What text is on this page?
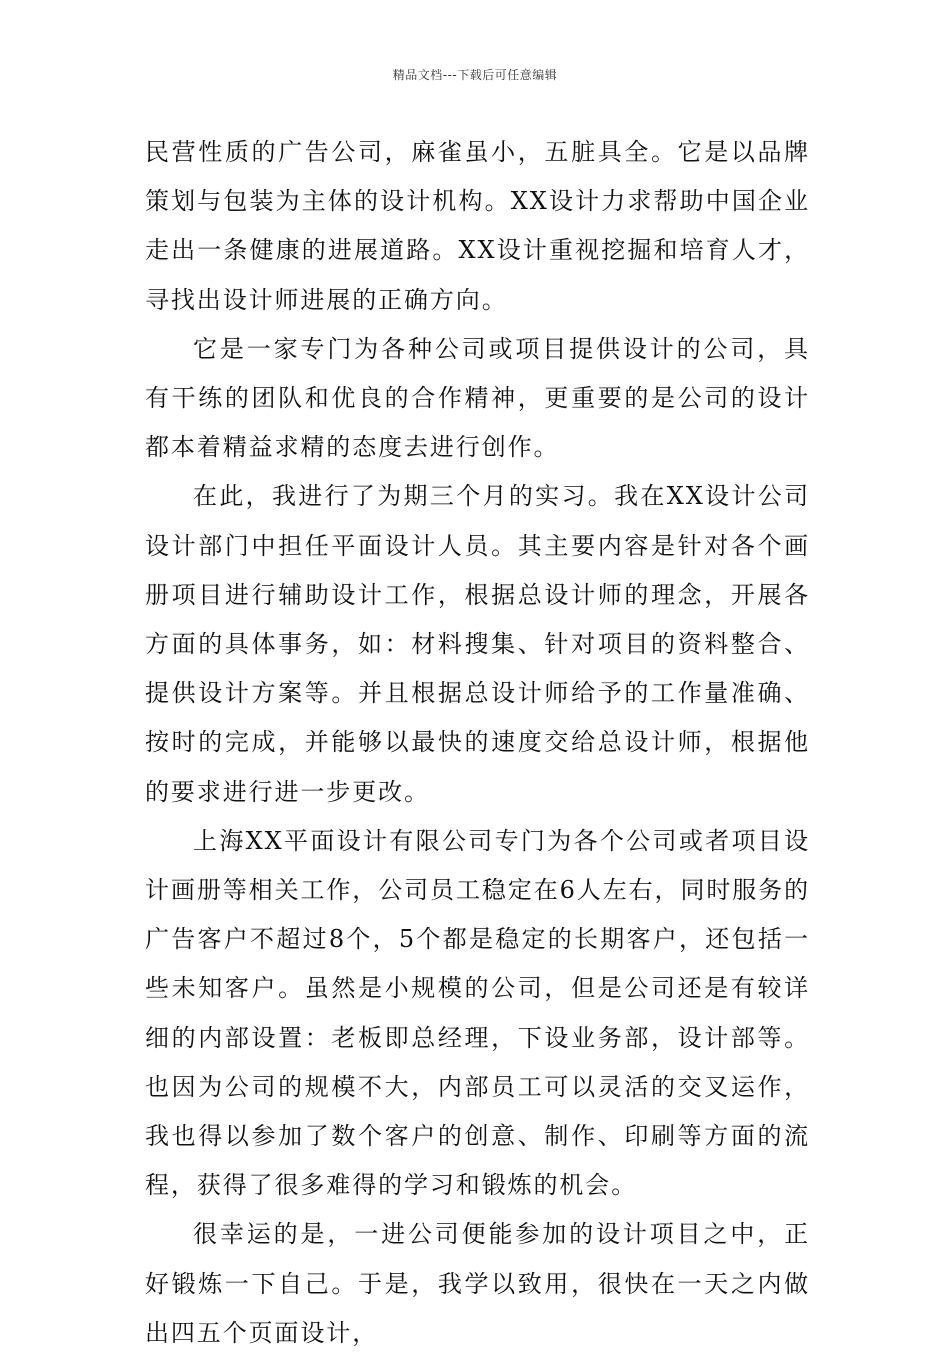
精品文档---下载后可任意编辑

民营性质的广告公司，麻雀虽小，五脏具全。它是以品牌策划与包装为主体的设计机构。XX设计力求帮助中国企业走出一条健康的进展道路。XX设计重视挖掘和培育人才，寻找出设计师进展的正确方向。

它是一家专门为各种公司或项目提供设计的公司，具有干练的团队和优良的合作精神，更重要的是公司的设计都本着精益求精的态度去进行创作。

在此，我进行了为期三个月的实习。我在XX设计公司设计部门中担任平面设计人员。其主要内容是针对各个画册项目进行辅助设计工作，根据总设计师的理念，开展各方面的具体事务，如：材料搜集、针对项目的资料整合、提供设计方案等。并且根据总设计师给予的工作量准确、按时的完成，并能够以最快的速度交给总设计师，根据他的要求进行进一步更改。

上海XX平面设计有限公司专门为各个公司或者项目设计画册等相关工作，公司员工稳定在6人左右，同时服务的广告客户不超过8个，5个都是稳定的长期客户，还包括一些未知客户。虽然是小规模的公司，但是公司还是有较详细的内部设置：老板即总经理，下设业务部，设计部等。也因为公司的规模不大，内部员工可以灵活的交叉运作，我也得以参加了数个客户的创意、制作、印刷等方面的流程，获得了很多难得的学习和锻炼的机会。

很幸运的是，一进公司便能参加的设计项目之中，正好锻炼一下自己。于是，我学以致用，很快在一天之内做出四五个页面设计，
